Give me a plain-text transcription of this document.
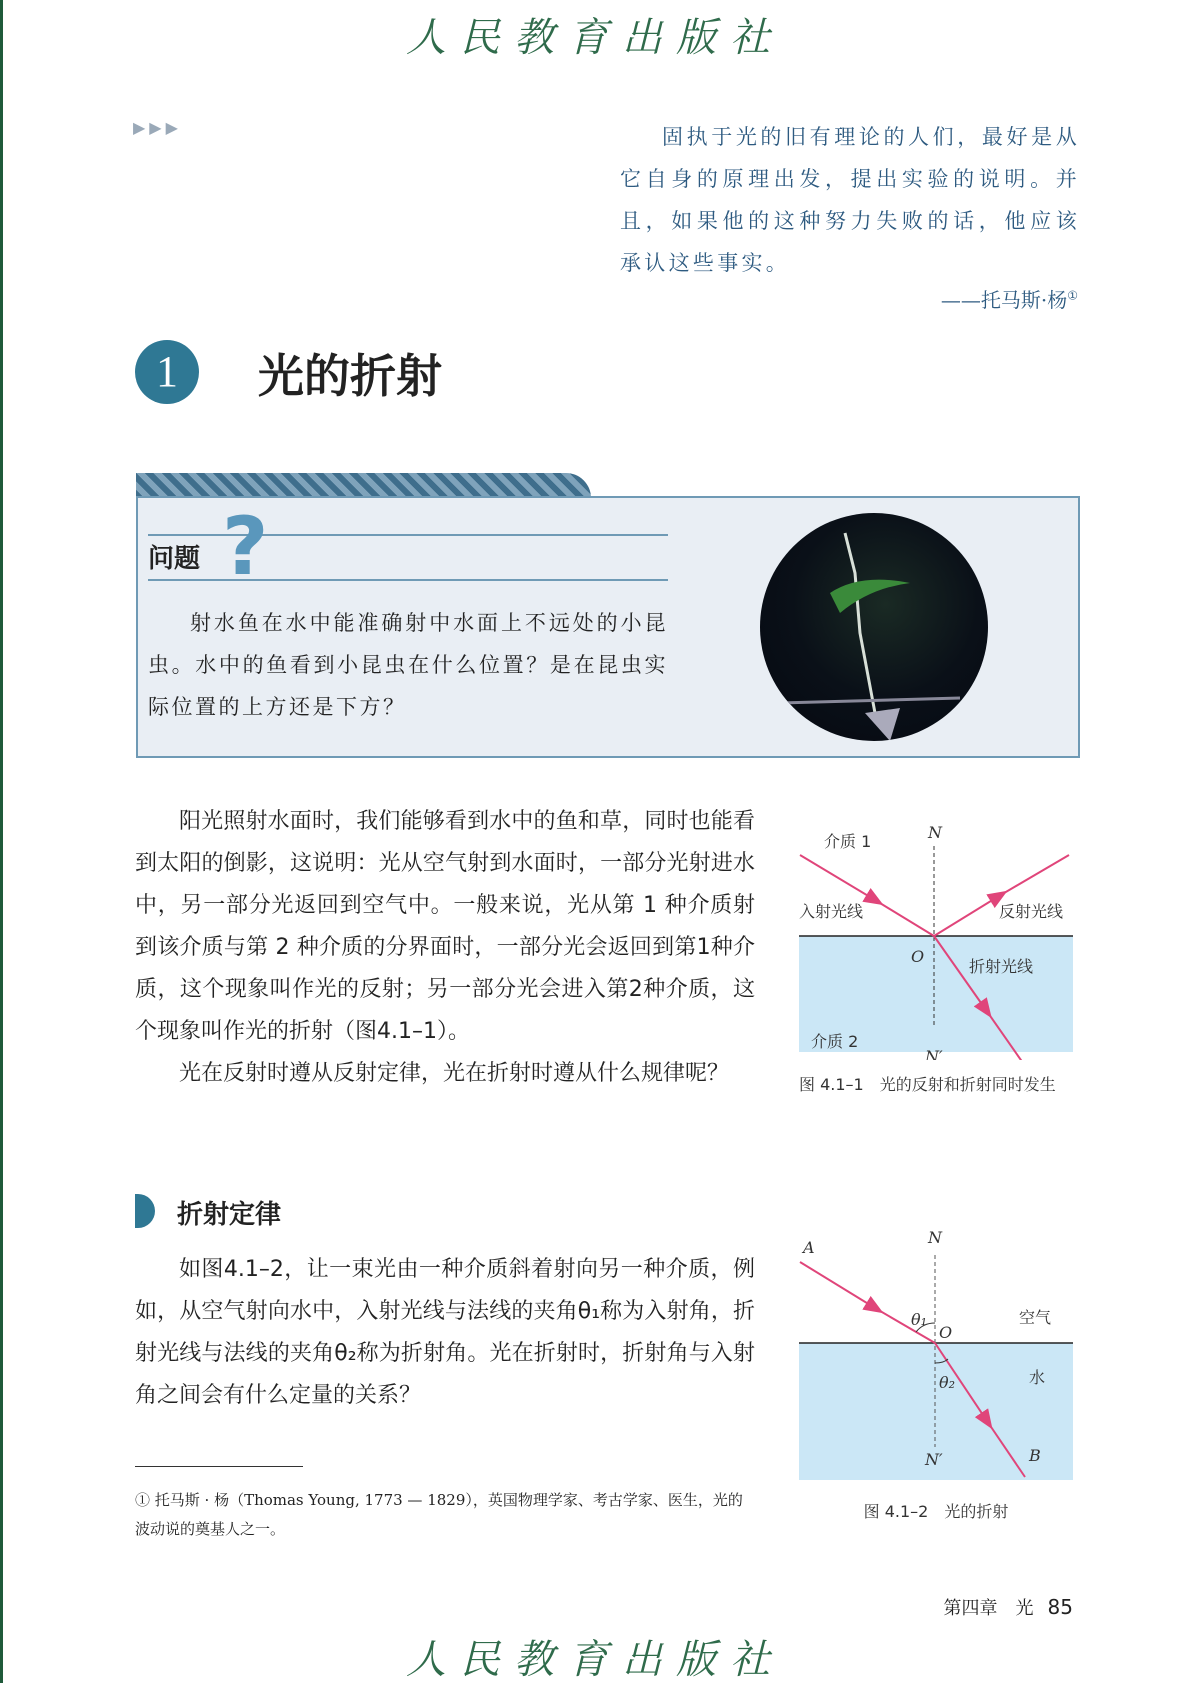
人民教育出版社
▶▶▶	固执于光的旧有理论的人们，最好是从它自身的原理出发，提出实验的说明。并且，如果他的这种努力失败的话，他应该承认这些事实。

——托马斯·杨①
1	光的折射
?
问题

射水鱼在水中能准确射中水面上不远处的小昆虫。水中的鱼看到小昆虫在什么位置？是在昆虫实际位置的上方还是下方？

阳光照射水面时，我们能够看到水中的鱼和草，同时也能看到太阳的倒影，这说明：光从空气射到水面时，一部分光射进水中，另一部分光返回到空气中。一般来说，光从第 1 种介质射到该介质与第 2 种介质的分界面时，一部分光会返回到第1种介质，这个现象叫作光的反射；另一部分光会进入第2种介质，这个现象叫作光的折射（图4.1–1）。

光在反射时遵从反射定律，光在折射时遵从什么规律呢？

介质 1	N
入射光线	反射光线
O
折射光线
介质 2
N′
图 4.1–1　光的反射和折射同时发生
折射定律

如图4.1–2，让一束光由一种介质斜着射向另一种介质，例如，从空气射向水中，入射光线与法线的夹角θ₁称为入射角，折射光线与法线的夹角θ₂称为折射角。光在折射时，折射角与入射角之间会有什么定量的关系？

A
N
θ₁
O
空气
水
θ₂
N′	B
图 4.1–2　光的折射
① 托马斯 · 杨（Thomas Young, 1773 — 1829），英国物理学家、考古学家、医生，光的波动说的奠基人之一。
第四章　光 85
人民教育出版社
